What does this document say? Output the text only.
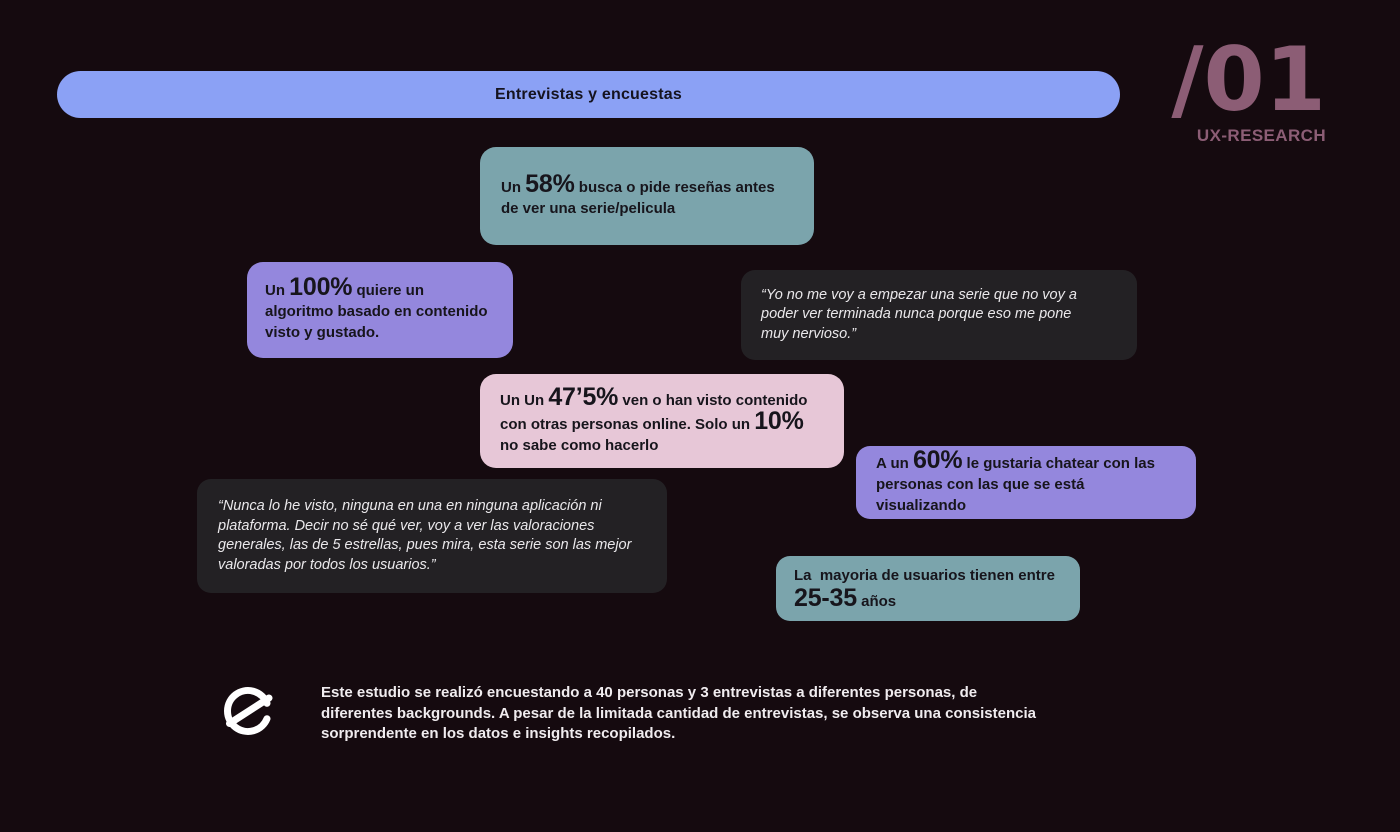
Entrevistas y encuestas	/01
UX-RESEARCH

Un 58% busca o pide reseñas antes de ver una serie/pelicula

Un 100% quiere un algoritmo basado en contenido visto y gustado.

“Yo no me voy a empezar una serie que no voy a poder ver terminada nunca porque eso me pone muy nervioso.”

Un Un 47’5% ven o han visto contenido con otras personas online. Solo un 10% no sabe como hacerlo

A un 60% le gustaria chatear con las personas con las que se está visualizando

“Nunca lo he visto, ninguna en una en ninguna aplicación ni plataforma. Decir no sé qué ver, voy a ver las valoraciones generales, las de 5 estrellas, pues mira, esta serie son las mejor valoradas por todos los usuarios.”

La  mayoria de usuarios tienen entre 25-35 años

Este estudio se realizó encuestando a 40 personas y 3 entrevistas a diferentes personas, de diferentes backgrounds. A pesar de la limitada cantidad de entrevistas, se observa una consistencia sorprendente en los datos e insights recopilados.
